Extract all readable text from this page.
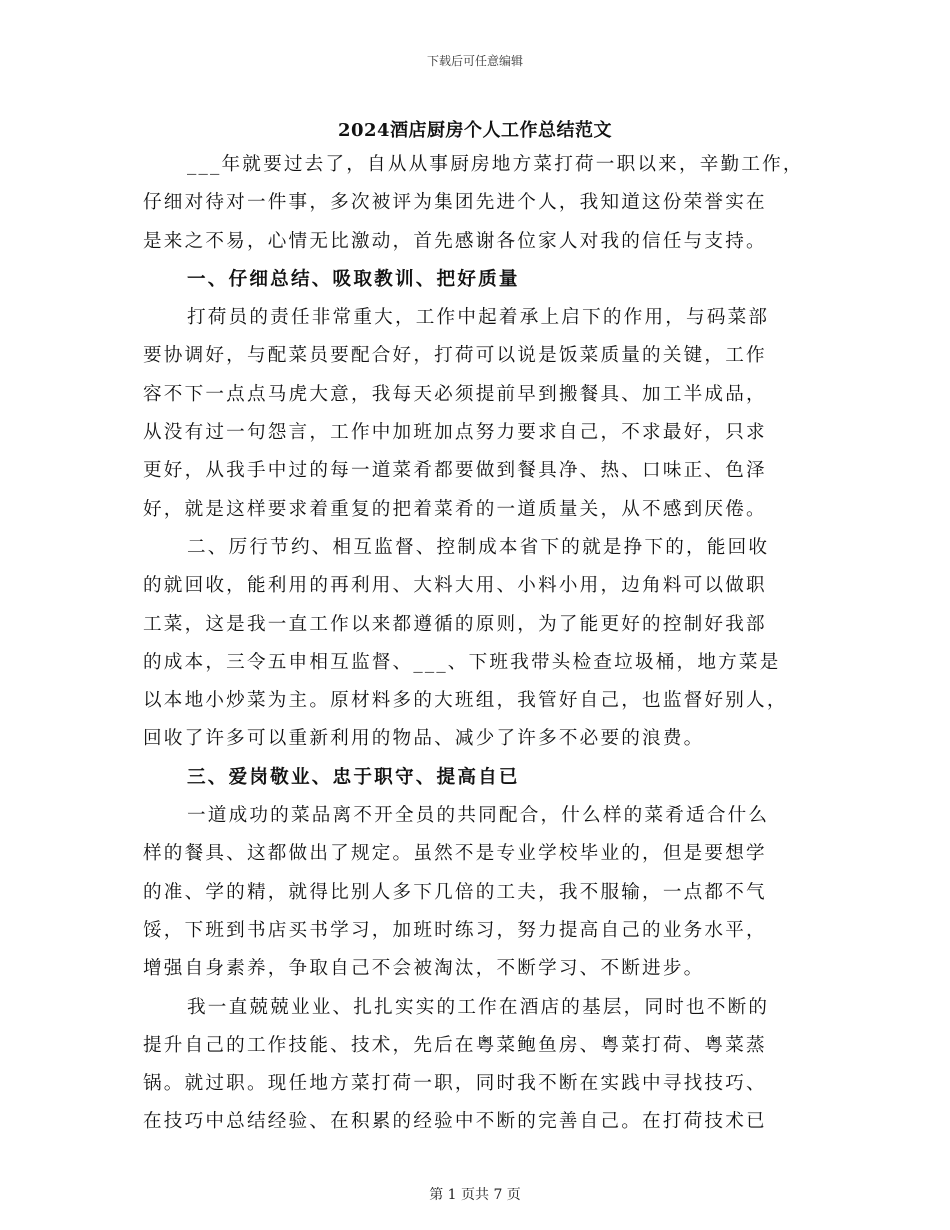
下载后可任意编辑
2024酒店厨房个人工作总结范文
___年就要过去了，自从从事厨房地方菜打荷一职以来，辛勤工作，
仔细对待对一件事，多次被评为集团先进个人，我知道这份荣誉实在
是来之不易，心情无比激动，首先感谢各位家人对我的信任与支持。
一、仔细总结、吸取教训、把好质量
打荷员的责任非常重大，工作中起着承上启下的作用，与码菜部
要协调好，与配菜员要配合好，打荷可以说是饭菜质量的关键，工作
容不下一点点马虎大意，我每天必须提前早到搬餐具、加工半成品，
从没有过一句怨言，工作中加班加点努力要求自己，不求最好，只求
更好，从我手中过的每一道菜肴都要做到餐具净、热、口味正、色泽
好，就是这样要求着重复的把着菜肴的一道质量关，从不感到厌倦。
二、厉行节约、相互监督、控制成本省下的就是挣下的，能回收
的就回收，能利用的再利用、大料大用、小料小用，边角料可以做职
工菜，这是我一直工作以来都遵循的原则，为了能更好的控制好我部
的成本，三令五申相互监督、___、下班我带头检查垃圾桶，地方菜是
以本地小炒菜为主。原材料多的大班组，我管好自己，也监督好别人，
回收了许多可以重新利用的物品、减少了许多不必要的浪费。
三、爱岗敬业、忠于职守、提高自已
一道成功的菜品离不开全员的共同配合，什么样的菜肴适合什么
样的餐具、这都做出了规定。虽然不是专业学校毕业的，但是要想学
的准、学的精，就得比别人多下几倍的工夫，我不服输，一点都不气
馁，下班到书店买书学习，加班时练习，努力提高自己的业务水平，
增强自身素养，争取自己不会被淘汰，不断学习、不断进步。
我一直兢兢业业、扎扎实实的工作在酒店的基层，同时也不断的
提升自己的工作技能、技术，先后在粤菜鲍鱼房、粤菜打荷、粤菜蒸
锅。就过职。现任地方菜打荷一职，同时我不断在实践中寻找技巧、
在技巧中总结经验、在积累的经验中不断的完善自己。在打荷技术已
第 1 页共 7 页
